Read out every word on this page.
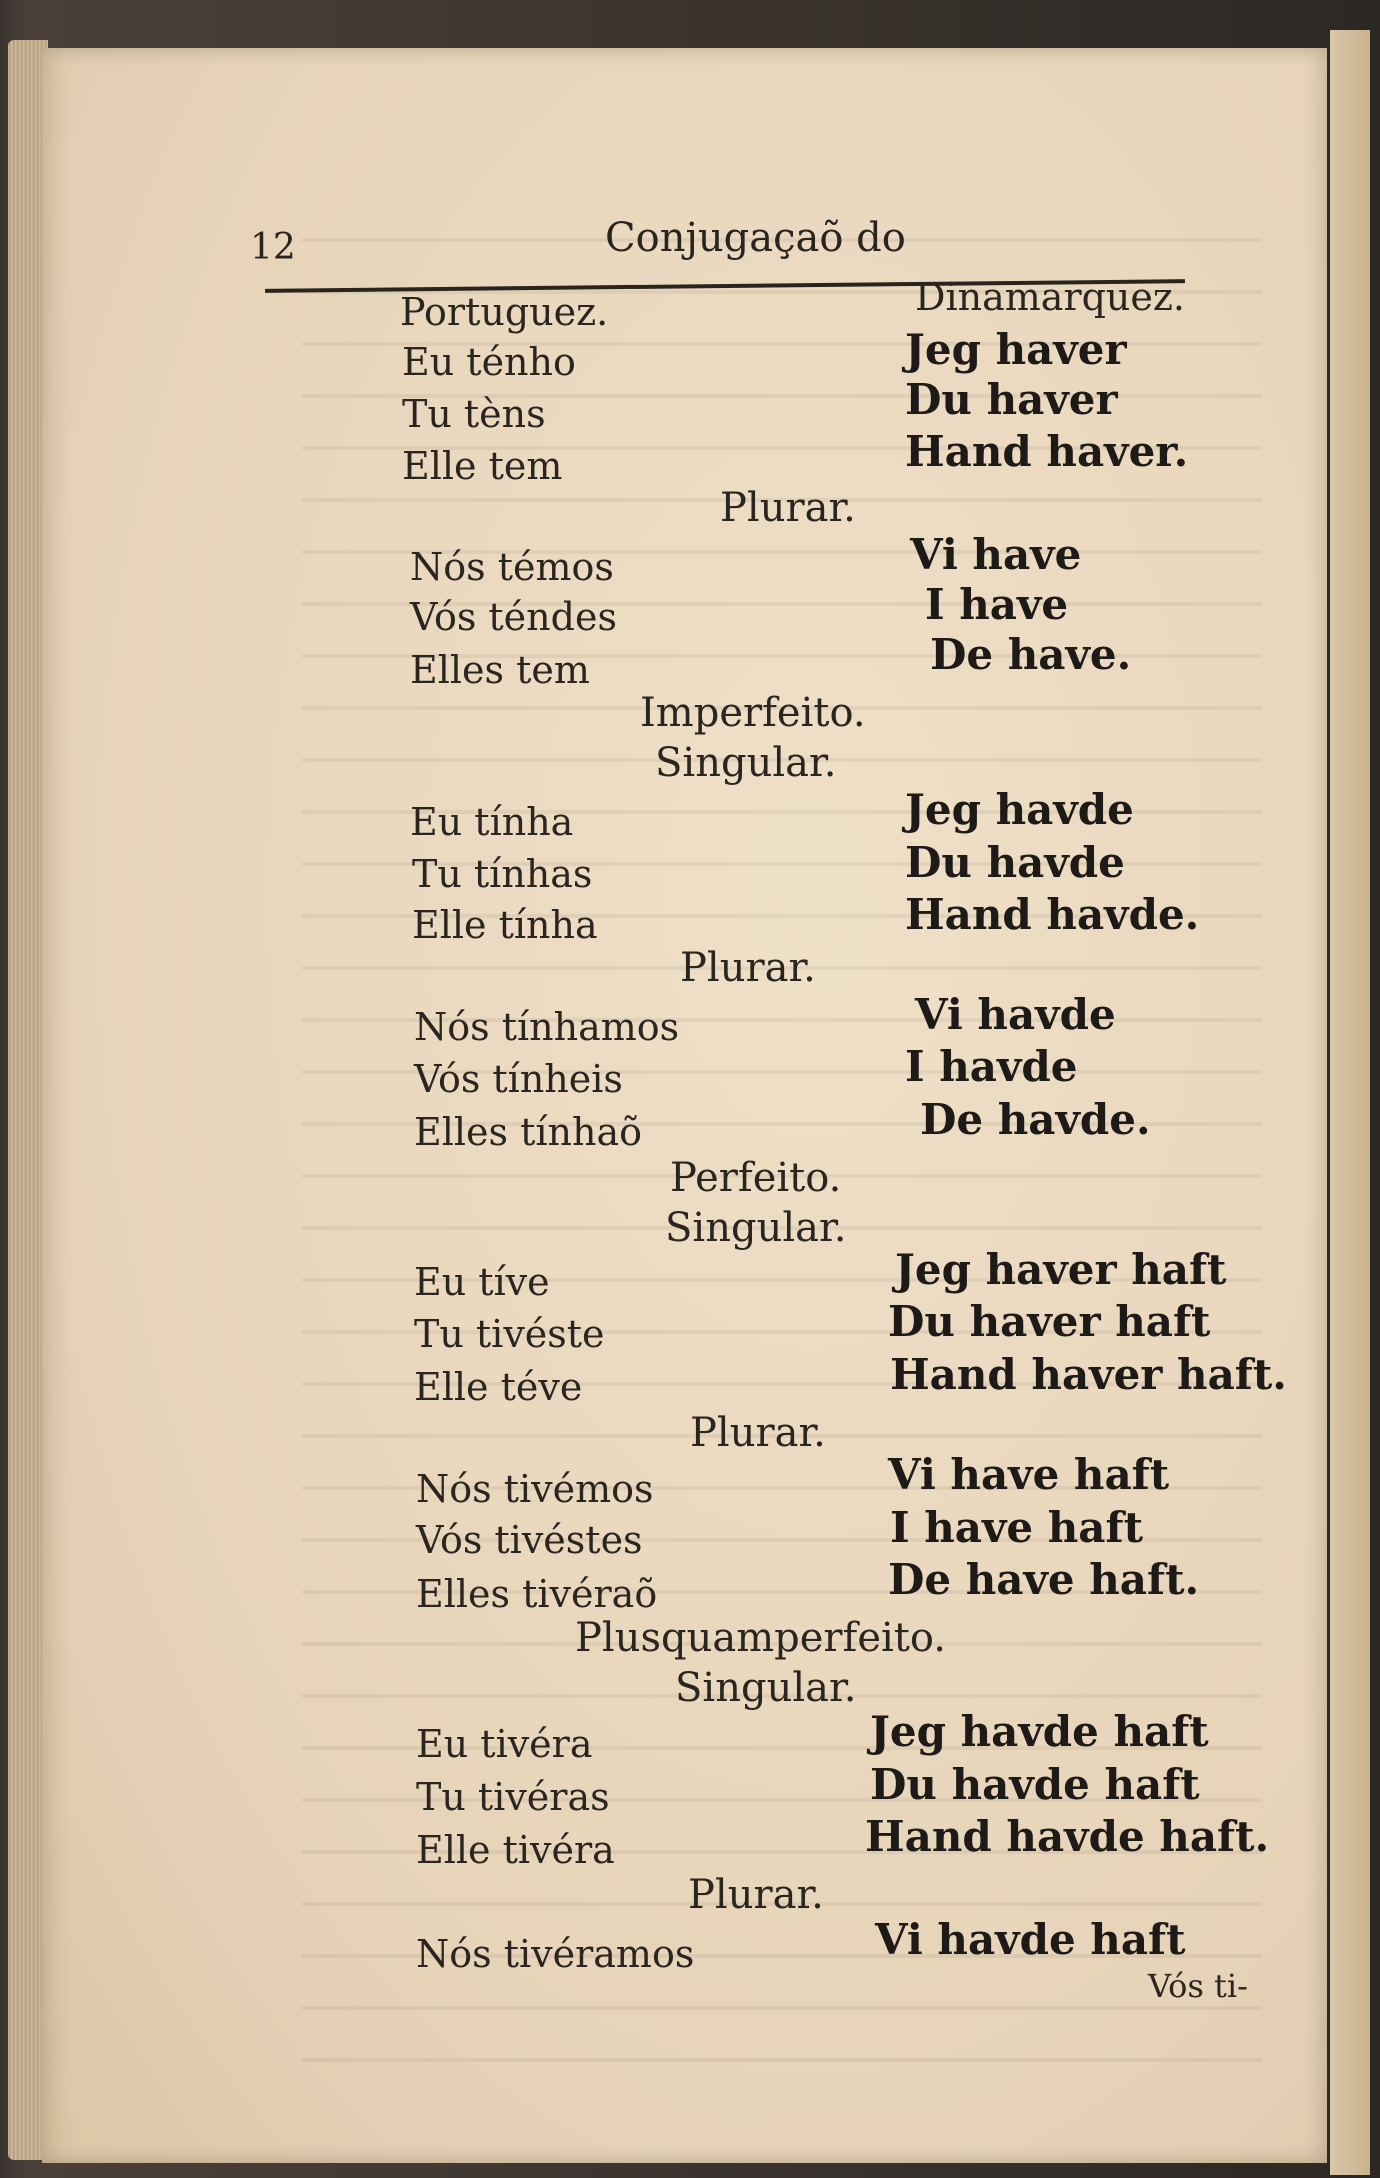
12	Conjugaçaõ do
Portuguez.	Dinamarquez.
Eu ténho	Jeg haver
Tu tèns	Du haver
Elle tem	Hand haver.
Plurar.
Nós témos	Vi have
Vós téndes	I have
Elles tem	De have.
Imperfeito.
Singular.
Eu tínha	Jeg havde
Tu tínhas	Du havde
Elle tínha	Hand havde.
Plurar.
Nós tínhamos	Vi havde
Vós tínheis	I havde
Elles tínhaõ	De havde.
Perfeito.
Singular.
Eu tíve	Jeg haver haft
Tu tivéste	Du haver haft
Elle téve	Hand haver haft.
Plurar.
Nós tivémos	Vi have haft
Vós tivéstes	I have haft
Elles tivéraõ	De have haft.
Plusquamperfeito.
Singular.
Eu tivéra	Jeg havde haft
Tu tivéras	Du havde haft
Elle tivéra	Hand havde haft.
Plurar.
Nós tivéramos	Vi havde haft
Vós ti-
